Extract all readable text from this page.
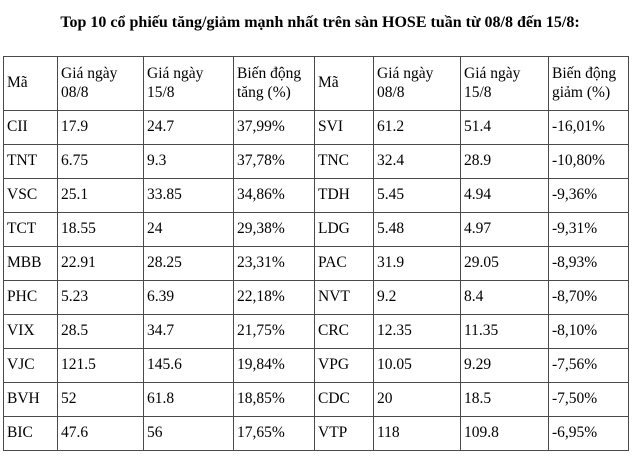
Top 10 cổ phiếu tăng/giảm mạnh nhất trên sàn HOSE tuần từ 08/8 đến 15/8:
Mã	Giá ngày 08/8	Giá ngày 15/8	Biến động tăng (%)	Mã	Giá ngày 08/8	Giá ngày 15/8	Biến động giảm (%)
CII	17.9	24.7	37,99%	SVI	61.2	51.4	-16,01%
TNT	6.75	9.3	37,78%	TNC	32.4	28.9	-10,80%
VSC	25.1	33.85	34,86%	TDH	5.45	4.94	-9,36%
TCT	18.55	24	29,38%	LDG	5.48	4.97	-9,31%
MBB	22.91	28.25	23,31%	PAC	31.9	29.05	-8,93%
PHC	5.23	6.39	22,18%	NVT	9.2	8.4	-8,70%
VIX	28.5	34.7	21,75%	CRC	12.35	11.35	-8,10%
VJC	121.5	145.6	19,84%	VPG	10.05	9.29	-7,56%
BVH	52	61.8	18,85%	CDC	20	18.5	-7,50%
BIC	47.6	56	17,65%	VTP	118	109.8	-6,95%
